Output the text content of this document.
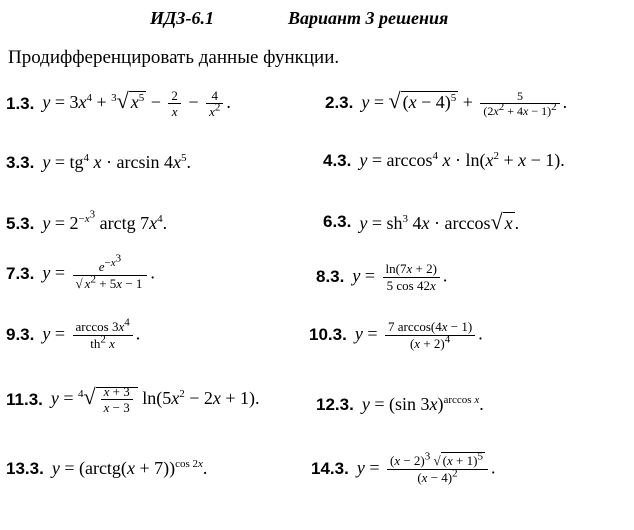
ИДЗ-6.1	Вариант 3 решения
Продифференцировать данные функции.
1.3. $y = 3x^4 + ^3√$ $x^5 - \frac{2}{x} - \frac{4}{x^2}$ .	2.3. y = √ $(x - 4)^5 + \frac{5}{(2x^2 + 4x - 1)^2}$ .
3.3. $y = tg^4$ $x \cdot \arcsin 4x^5$.	4.3. $y = \arccos^4 x \cdot \ln(x^2 + x - 1)$.
5.3. $y = 2^{-x^3}$ arctg $7x^4$.	6.3. $y = sh^3$ 4x · arccos√ x .
7.3. $y = \frac{e^{-x^3}}{√ x^2 + 5x - 1}$ .	8.3. $y = \frac{\ln(7x + 2)}{5 \cos 42x}$ .
9.3. $y = \frac{\arccos 3x^4}{th^2 x}$ .	10.3. $y = \frac{7 \arccos(4x - 1)}{(x + 2)^4}$ .
11.3. $y = ^4√ \frac{x + 3}{x - 3} \ln(5x^2 - 2x + 1)$.	12.3. y = (sin 3x)$^{arccos x}$.
13.3. y = (arctg(x + 7))$^{cos 2x}$.	14.3. $y = \frac{(x - 2)^3 √ (x + 1)^5}{(x - 4)^2}$ .
